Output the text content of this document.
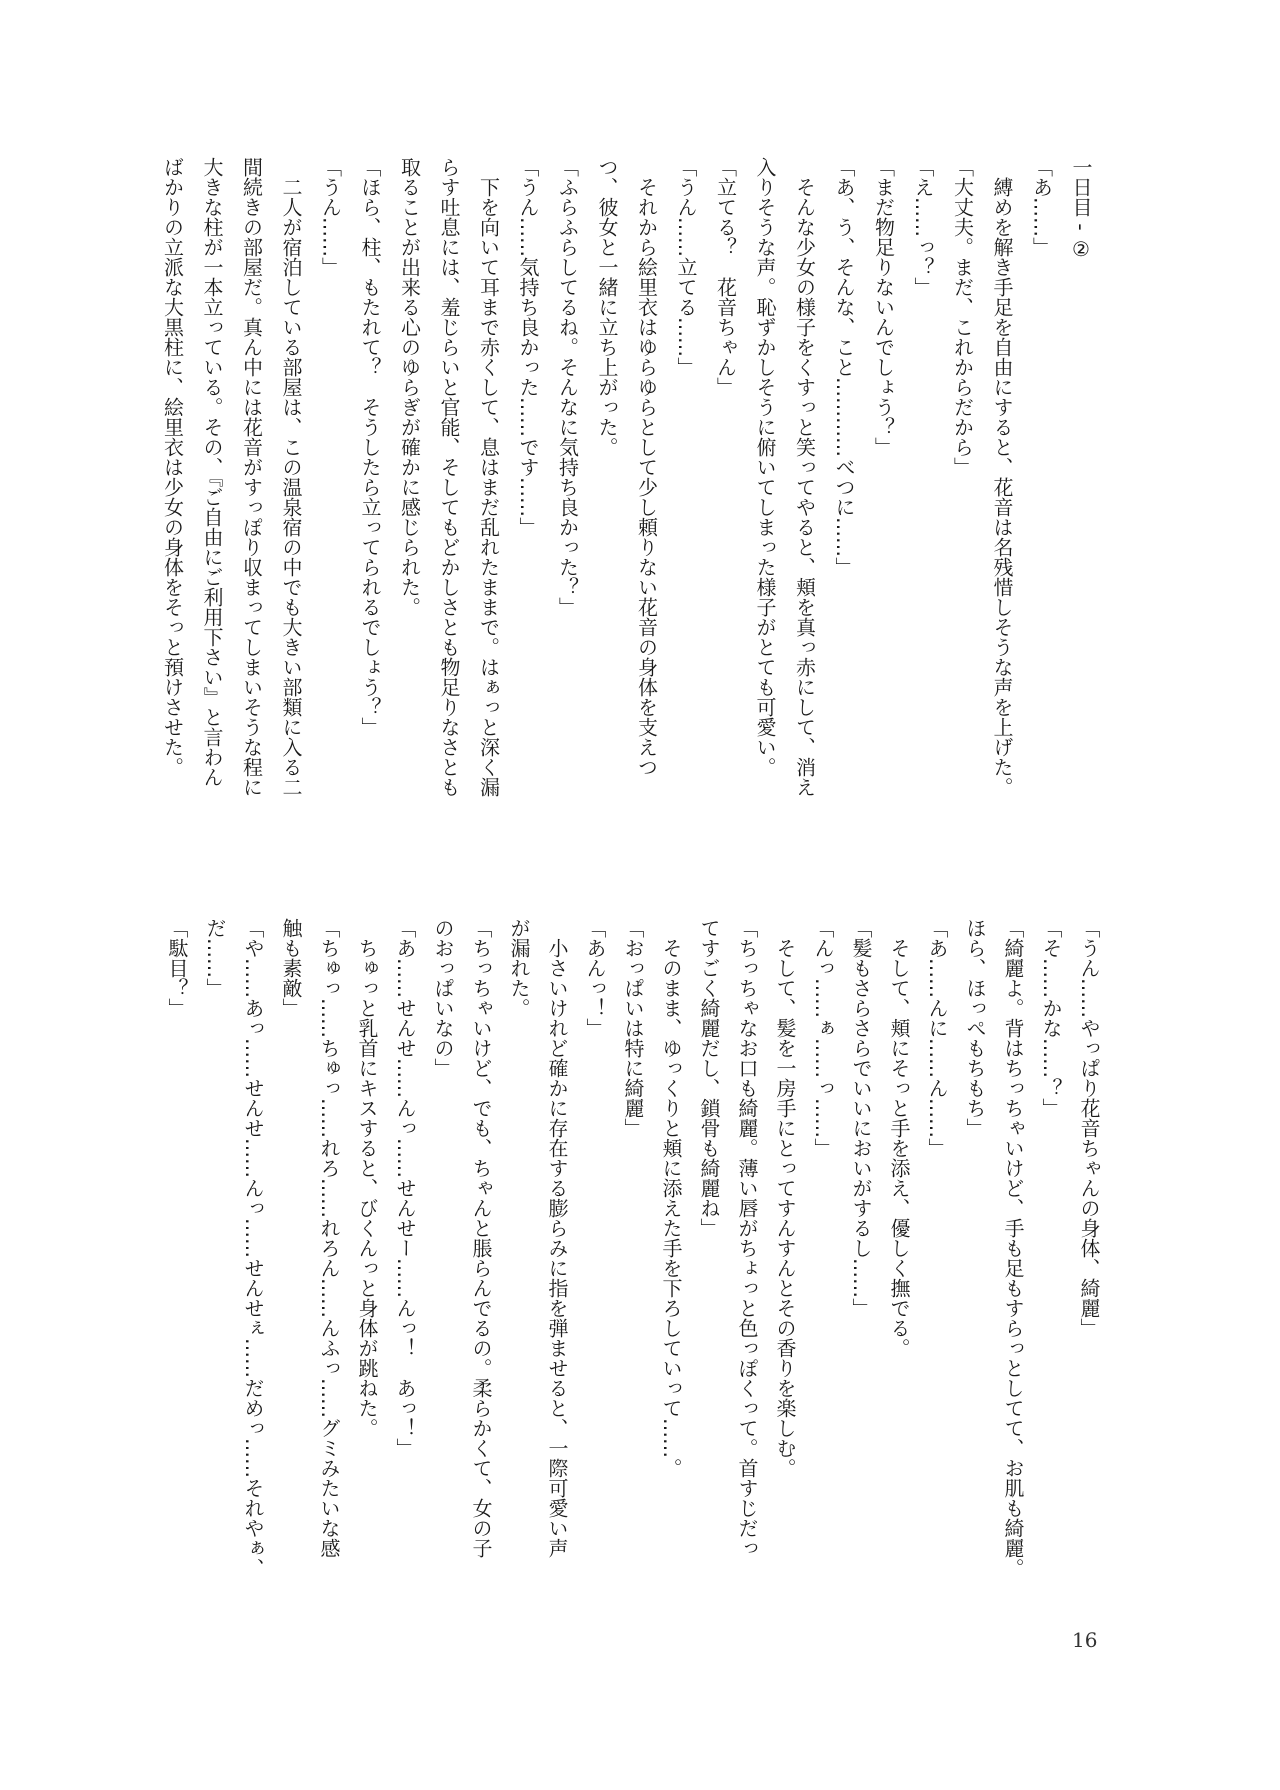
一日目 - ②
「あ……」
　縛めを解き手足を自由にすると、花音は名残惜しそうな声を上げた。
「大丈夫。まだ、これからだから」
「え……っ？」
「まだ物足りないんでしょう？」
「あ、う、そんな、こと…………べつに……」
　そんな少女の様子をくすっと笑ってやると、頬を真っ赤にして、消え
入りそうな声。恥ずかしそうに俯いてしまった様子がとても可愛い。
「立てる？　花音ちゃん」
「うん……立てる……」
　それから絵里衣はゆらゆらとして少し頼りない花音の身体を支えつ
つ、彼女と一緒に立ち上がった。
「ふらふらしてるね。そんなに気持ち良かった？」
「うん……気持ち良かった……です……」
　下を向いて耳まで赤くして、息はまだ乱れたままで。はぁっと深く漏
らす吐息には、羞じらいと官能、そしてもどかしさとも物足りなさとも
取ることが出来る心のゆらぎが確かに感じられた。
「ほら、柱、もたれて？　そうしたら立ってられるでしょう？」
「うん……」
　二人が宿泊している部屋は、この温泉宿の中でも大きい部類に入る二
間続きの部屋だ。真ん中には花音がすっぽり収まってしまいそうな程に
大きな柱が一本立っている。その、『ご自由にご利用下さい』と言わん
ばかりの立派な大黒柱に、絵里衣は少女の身体をそっと預けさせた。
「うん……やっぱり花音ちゃんの身体、綺麗」
「そ……かな……？」
「綺麗よ。背はちっちゃいけど、手も足もすらっとしてて、お肌も綺麗。
ほら、ほっぺもちもち」
「あ……んに……ん……」
　そして、頬にそっと手を添え、優しく撫でる。
「髪もさらさらでいいにおいがするし……」
「んっ……ぁ……っ……」
　そして、髪を一房手にとってすんすんとその香りを楽しむ。
「ちっちゃなお口も綺麗。薄い唇がちょっと色っぽくって。首すじだっ
てすごく綺麗だし、鎖骨も綺麗ね」
　そのまま、ゆっくりと頬に添えた手を下ろしていって……。
「おっぱいは特に綺麗」
「あんっ！」
　小さいけれど確かに存在する膨らみに指を弾ませると、一際可愛い声
が漏れた。
「ちっちゃいけど、でも、ちゃんと脹らんでるの。柔らかくて、女の子
のおっぱいなの」
「あ……せんせ……んっ……せんせー……んっ！　あっ！」
　ちゅっと乳首にキスすると、びくんっと身体が跳ねた。
「ちゅっ……ちゅっ……れろ……れろん……んふっ……グミみたいな感
触も素敵」
「や……あっ……せんせ……んっ……せんせぇ……だめっ……それやぁ、
だ……」
「駄目？」
16
